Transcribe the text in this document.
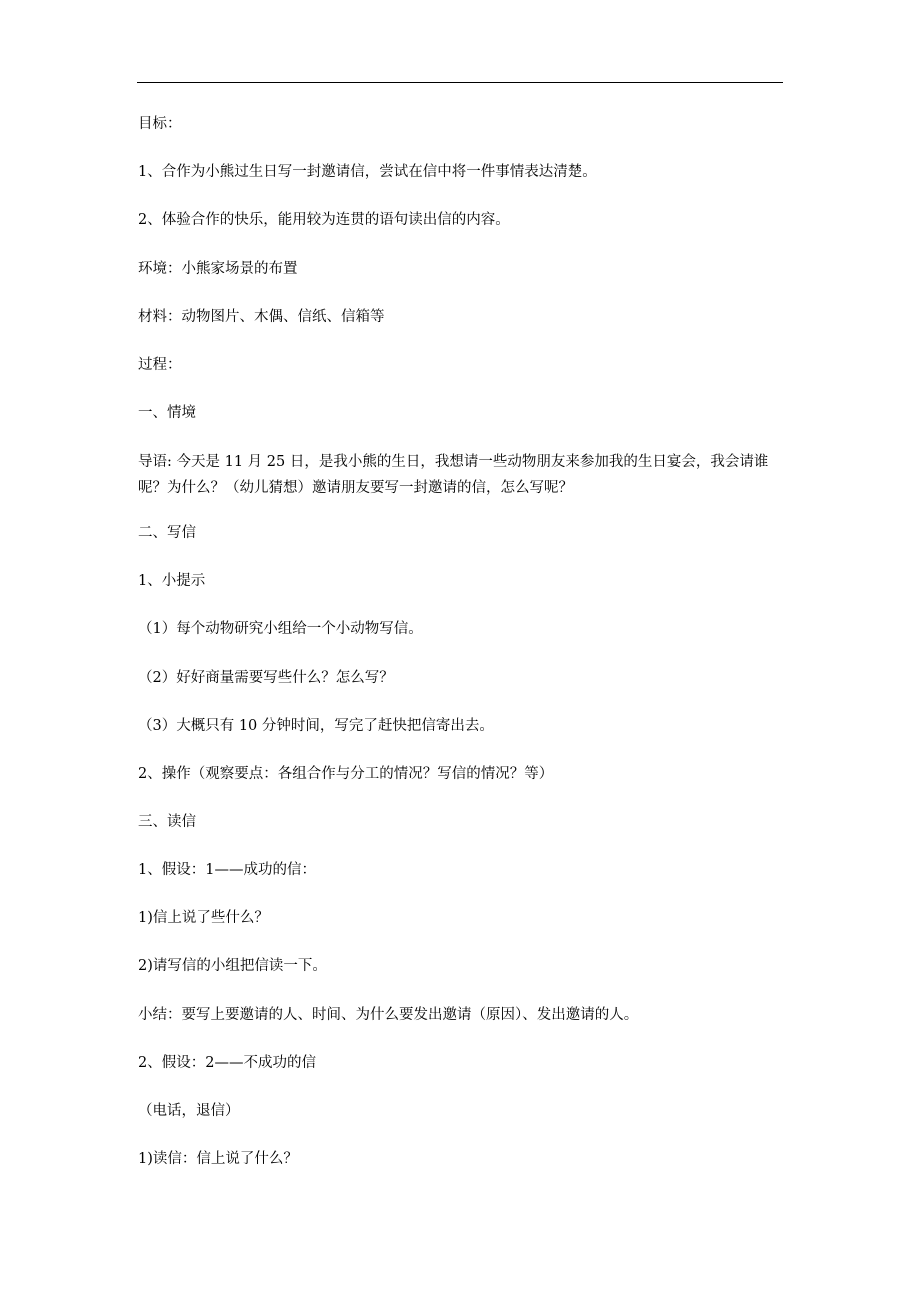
目标：
1、合作为小熊过生日写一封邀请信，尝试在信中将一件事情表达清楚。
2、体验合作的快乐，能用较为连贯的语句读出信的内容。
环境：小熊家场景的布置
材料：动物图片、木偶、信纸、信箱等
过程：
一、情境
导语: 今天是 11 月 25 日，是我小熊的生日，我想请一些动物朋友来参加我的生日宴会，我会请谁呢？为什么？（幼儿猜想）邀请朋友要写一封邀请的信，怎么写呢？
二、写信
1、小提示
（1）每个动物研究小组给一个小动物写信。
（2）好好商量需要写些什么？怎么写？
（3）大概只有 10 分钟时间，写完了赶快把信寄出去。
2、操作（观察要点：各组合作与分工的情况？写信的情况？等）
三、读信
1、假设：1——成功的信：
1)信上说了些什么？
2)请写信的小组把信读一下。
小结：要写上要邀请的人、时间、为什么要发出邀请（原因）、发出邀请的人。
2、假设：2——不成功的信
（电话，退信）
1)读信：信上说了什么？
